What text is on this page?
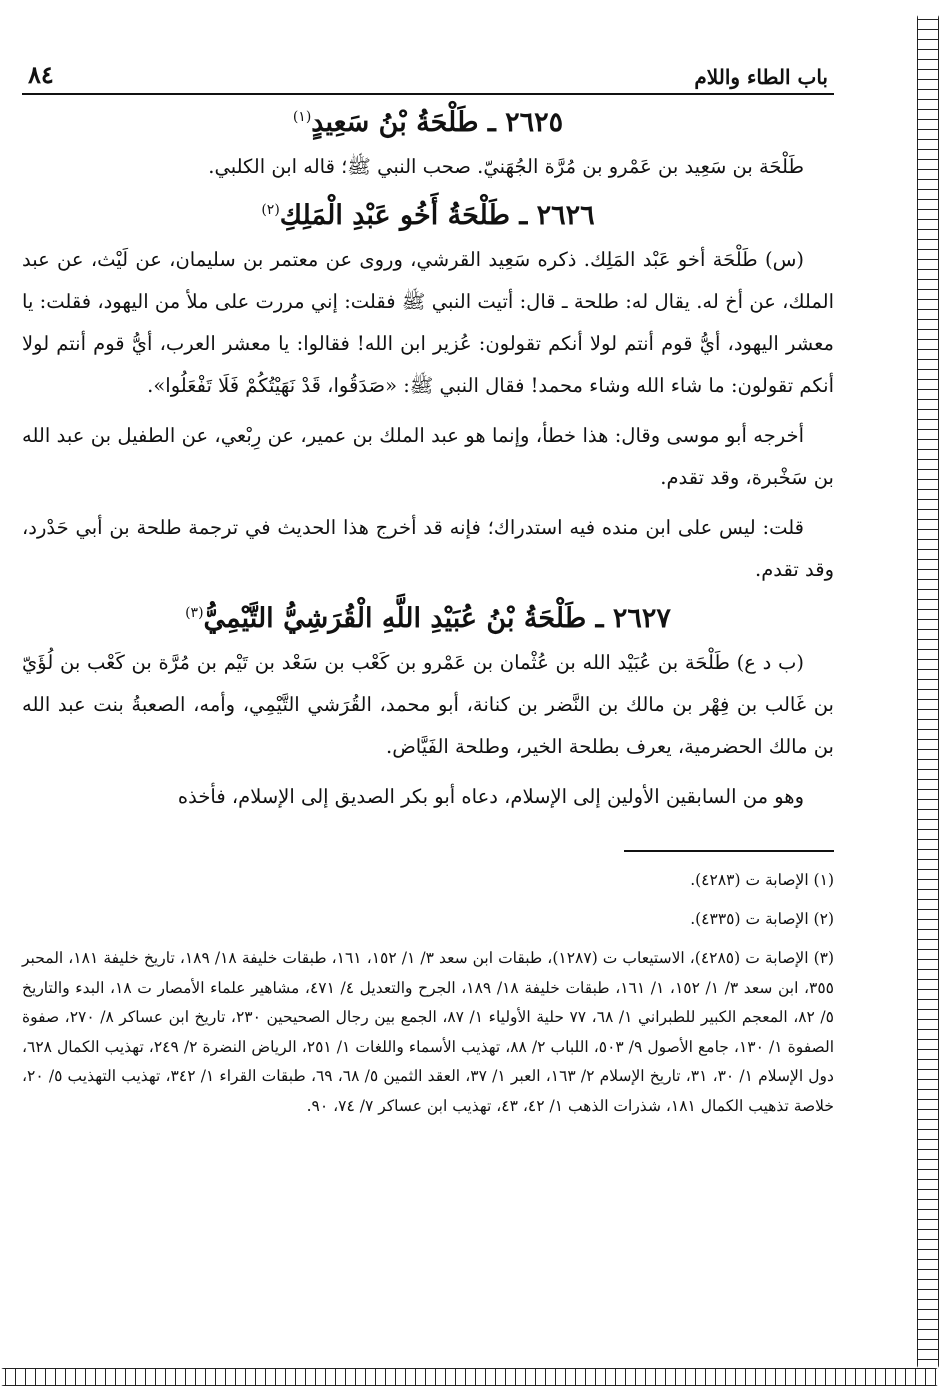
باب الطاء واللام
٨٤
٢٦٢٥ ـ طَلْحَةُ بْنُ سَعِيدٍ$^{(١)}$

طَلْحَة بن سَعِيد بن عَمْرو بن مُرَّة الجُهَنيّ. صحب النبي ﷺ؛ قاله ابن الكلبي.

٢٦٢٦ ـ طَلْحَةُ أَخُو عَبْدِ الْمَلِكِ$^{(٢)}$

(س) طَلْحَة أخو عَبْد المَلِك. ذكره سَعِيد القرشي، وروى عن معتمر بن سليمان، عن لَيْث، عن عبد الملك، عن أخ له. يقال له: طلحة ـ قال: أتيت النبي ﷺ فقلت: إني مررت على ملأ من اليهود، فقلت: يا معشر اليهود، أيُّ قوم أنتم لولا أنكم تقولون: عُزير ابن الله! فقالوا: يا معشر العرب، أيُّ قوم أنتم لولا أنكم تقولون: ما شاء الله وشاء محمد! فقال النبي ﷺ: «صَدَقُوا، قَدْ نَهَيْتُكُمْ فَلَا تَفْعَلُوا».

أخرجه أبو موسى وقال: هذا خطأ، وإنما هو عبد الملك بن عمير، عن رِبْعي، عن الطفيل بن عبد الله بن سَخْبرة، وقد تقدم.

قلت: ليس على ابن منده فيه استدراك؛ فإنه قد أخرج هذا الحديث في ترجمة طلحة بن أبي حَدْرد، وقد تقدم.

٢٦٢٧ ـ طَلْحَةُ بْنُ عُبَيْدِ اللَّهِ الْقُرَشِيُّ التَّيْمِيُّ$^{(٣)}$

(ب د ع) طَلْحَة بن عُبَيْد الله بن عُثْمان بن عَمْرو بن كَعْب بن سَعْد بن تَيْم بن مُرَّة بن كَعْب بن لُؤَيّ بن غَالب بن فِهْر بن مالك بن النَّضر بن كنانة، أبو محمد، القُرَشي التَّيْمِي، وأمه، الصعبةُ بنت عبد الله بن مالك الحضرمية، يعرف بطلحة الخير، وطلحة الفَيَّاض.

وهو من السابقين الأولين إلى الإسلام، دعاه أبو بكر الصديق إلى الإسلام، فأخذه

(١) الإصابة ت (٤٢٨٣).

(٢) الإصابة ت (٤٣٣٥).

(٣) الإصابة ت (٤٢٨٥)، الاستيعاب ت (١٢٨٧)، طبقات ابن سعد ٣/ ١/ ١٥٢، ١٦١، طبقات خليفة ١٨/ ١٨٩، تاريخ خليفة ١٨١، المحبر ٣٥٥، ابن سعد ٣/ ١/ ١٥٢، ١/ ١٦١، طبقات خليفة ١٨/ ١٨٩، الجرح والتعديل ٤/ ٤٧١، مشاهير علماء الأمصار ت ١٨، البدء والتاريخ ٥/ ٨٢، المعجم الكبير للطبراني ١/ ٦٨، ٧٧ حلية الأولياء ١/ ٨٧، الجمع بين رجال الصحيحين ٢٣٠، تاريخ ابن عساكر ٨/ ٢٧٠، صفوة الصفوة ١/ ١٣٠، جامع الأصول ٩/ ٥٠٣، اللباب ٢/ ٨٨، تهذيب الأسماء واللغات ١/ ٢٥١، الرياض النضرة ٢/ ٢٤٩، تهذيب الكمال ٦٢٨، دول الإسلام ١/ ٣٠، ٣١، تاريخ الإسلام ٢/ ١٦٣، العبر ١/ ٣٧، العقد الثمين ٥/ ٦٨، ٦٩، طبقات القراء ١/ ٣٤٢، تهذيب التهذيب ٥/ ٢٠، خلاصة تذهيب الكمال ١٨١، شذرات الذهب ١/ ٤٢، ٤٣، تهذيب ابن عساكر ٧/ ٧٤، ٩٠.
